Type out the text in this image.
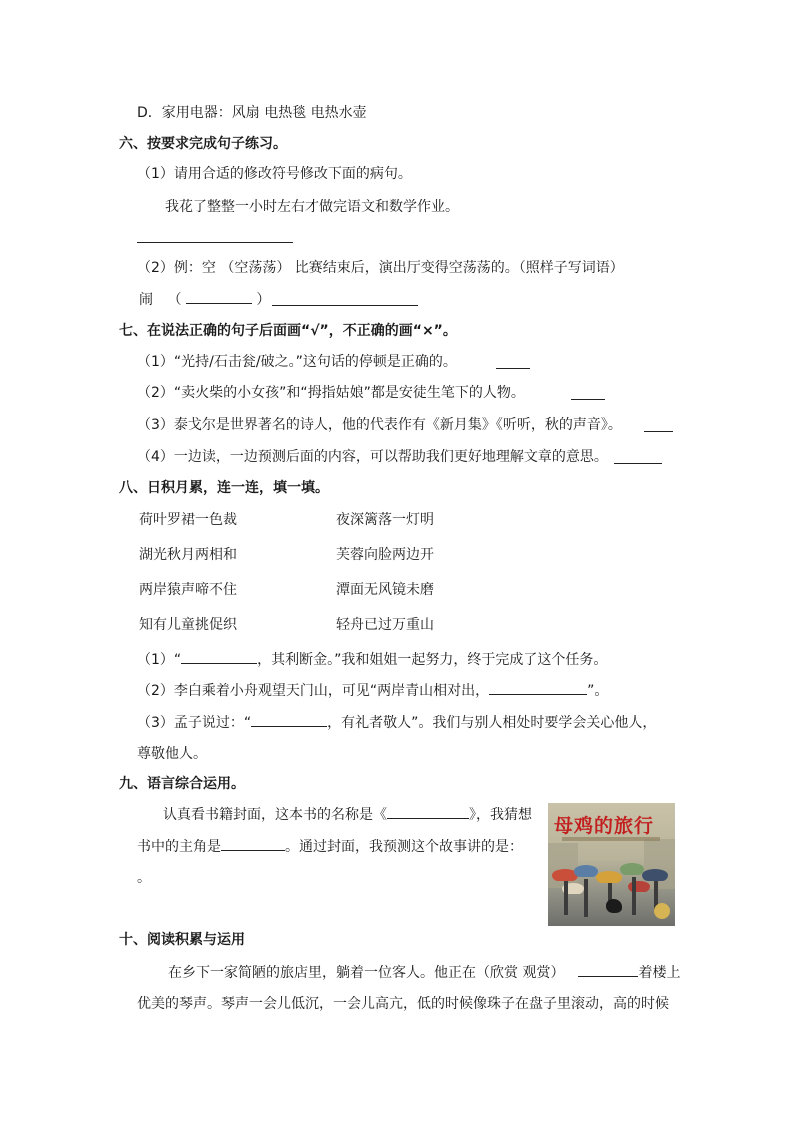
D．家用电器：风扇 电热毯 电热水壶
六、按要求完成句子练习。
（1）请用合适的修改符号修改下面的病句。
我花了整整一小时左右才做完语文和数学作业。
（2）例：空 （空荡荡） 比赛结束后，演出厅变得空荡荡的。（照样子写词语）
闹 （	）
七、在说法正确的句子后面画“√”，不正确的画“×”。
（1）“光持/石击瓮/破之。”这句话的停顿是正确的。
（2）“卖火柴的小女孩”和“拇指姑娘”都是安徒生笔下的人物。
（3）泰戈尔是世界著名的诗人，他的代表作有《新月集》《听听，秋的声音》。
（4）一边读，一边预测后面的内容，可以帮助我们更好地理解文章的意思。
八、日积月累，连一连，填一填。
荷叶罗裙一色裁	夜深篱落一灯明
湖光秋月两相和	芙蓉向脸两边开
两岸猿声啼不住	潭面无风镜未磨
知有儿童挑促织	轻舟已过万重山
（1）“	，其利断金。”我和姐姐一起努力，终于完成了这个任务。
（2）李白乘着小舟观望天门山，可见“两岸青山相对出，	”。
（3）孟子说过：“	，有礼者敬人”。我们与别人相处时要学会关心他人，
尊敬他人。
九、语言综合运用。
认真看书籍封面，这本书的名称是《	》，我猜想
书中的主角是	。通过封面，我预测这个故事讲的是：
。
母鸡的旅行
十、阅读积累与运用
在乡下一家简陋的旅店里，躺着一位客人。他正在（欣赏 观赏）	着楼上
优美的琴声。琴声一会儿低沉，一会儿高亢，低的时候像珠子在盘子里滚动，高的时候
